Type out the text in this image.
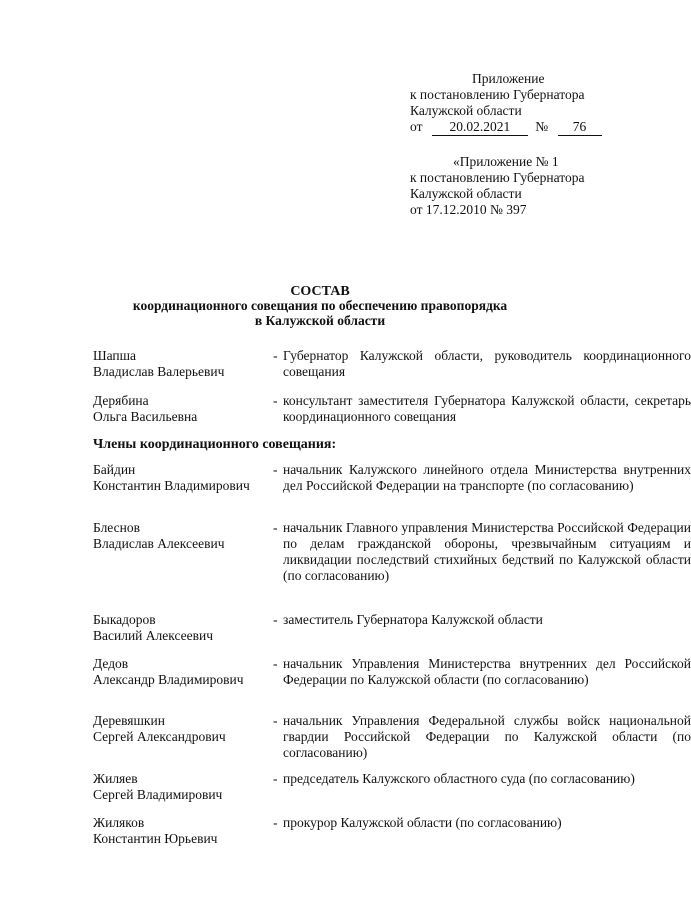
Приложение
к постановлению Губернатора
Калужской области
от 20.02.2021 № 76
«Приложение № 1
к постановлению Губернатора
Калужской области
от 17.12.2010 № 397
СОСТАВ
координационного совещания по обеспечению правопорядка
в Калужской области
Шапша
Владислав Валерьевич
- Губернатор Калужской области, руководитель координационного совещания
Дерябина
Ольга Васильевна
- консультант заместителя Губернатора Калужской области, секретарь координационного совещания
Члены координационного совещания:
Байдин
Константин Владимирович
- начальник Калужского линейного отдела Министерства внутренних дел Российской Федерации на транспорте (по согласованию)
Блеснов
Владислав Алексеевич
- начальник Главного управления Министерства Российской Федерации по делам гражданской обороны, чрезвычайным ситуациям и ликвидации последствий стихийных бедствий по Калужской области (по согласованию)
Быкадоров
Василий Алексеевич
- заместитель Губернатора Калужской области
Дедов
Александр Владимирович
- начальник Управления Министерства внутренних дел Российской Федерации по Калужской области (по согласованию)
Деревяшкин
Сергей Александрович
- начальник Управления Федеральной службы войск национальной гвардии Российской Федерации по Калужской области (по согласованию)
Жиляев
Сергей Владимирович
- председатель Калужского областного суда (по согласованию)
Жиляков
Константин Юрьевич
- прокурор Калужской области (по согласованию)
